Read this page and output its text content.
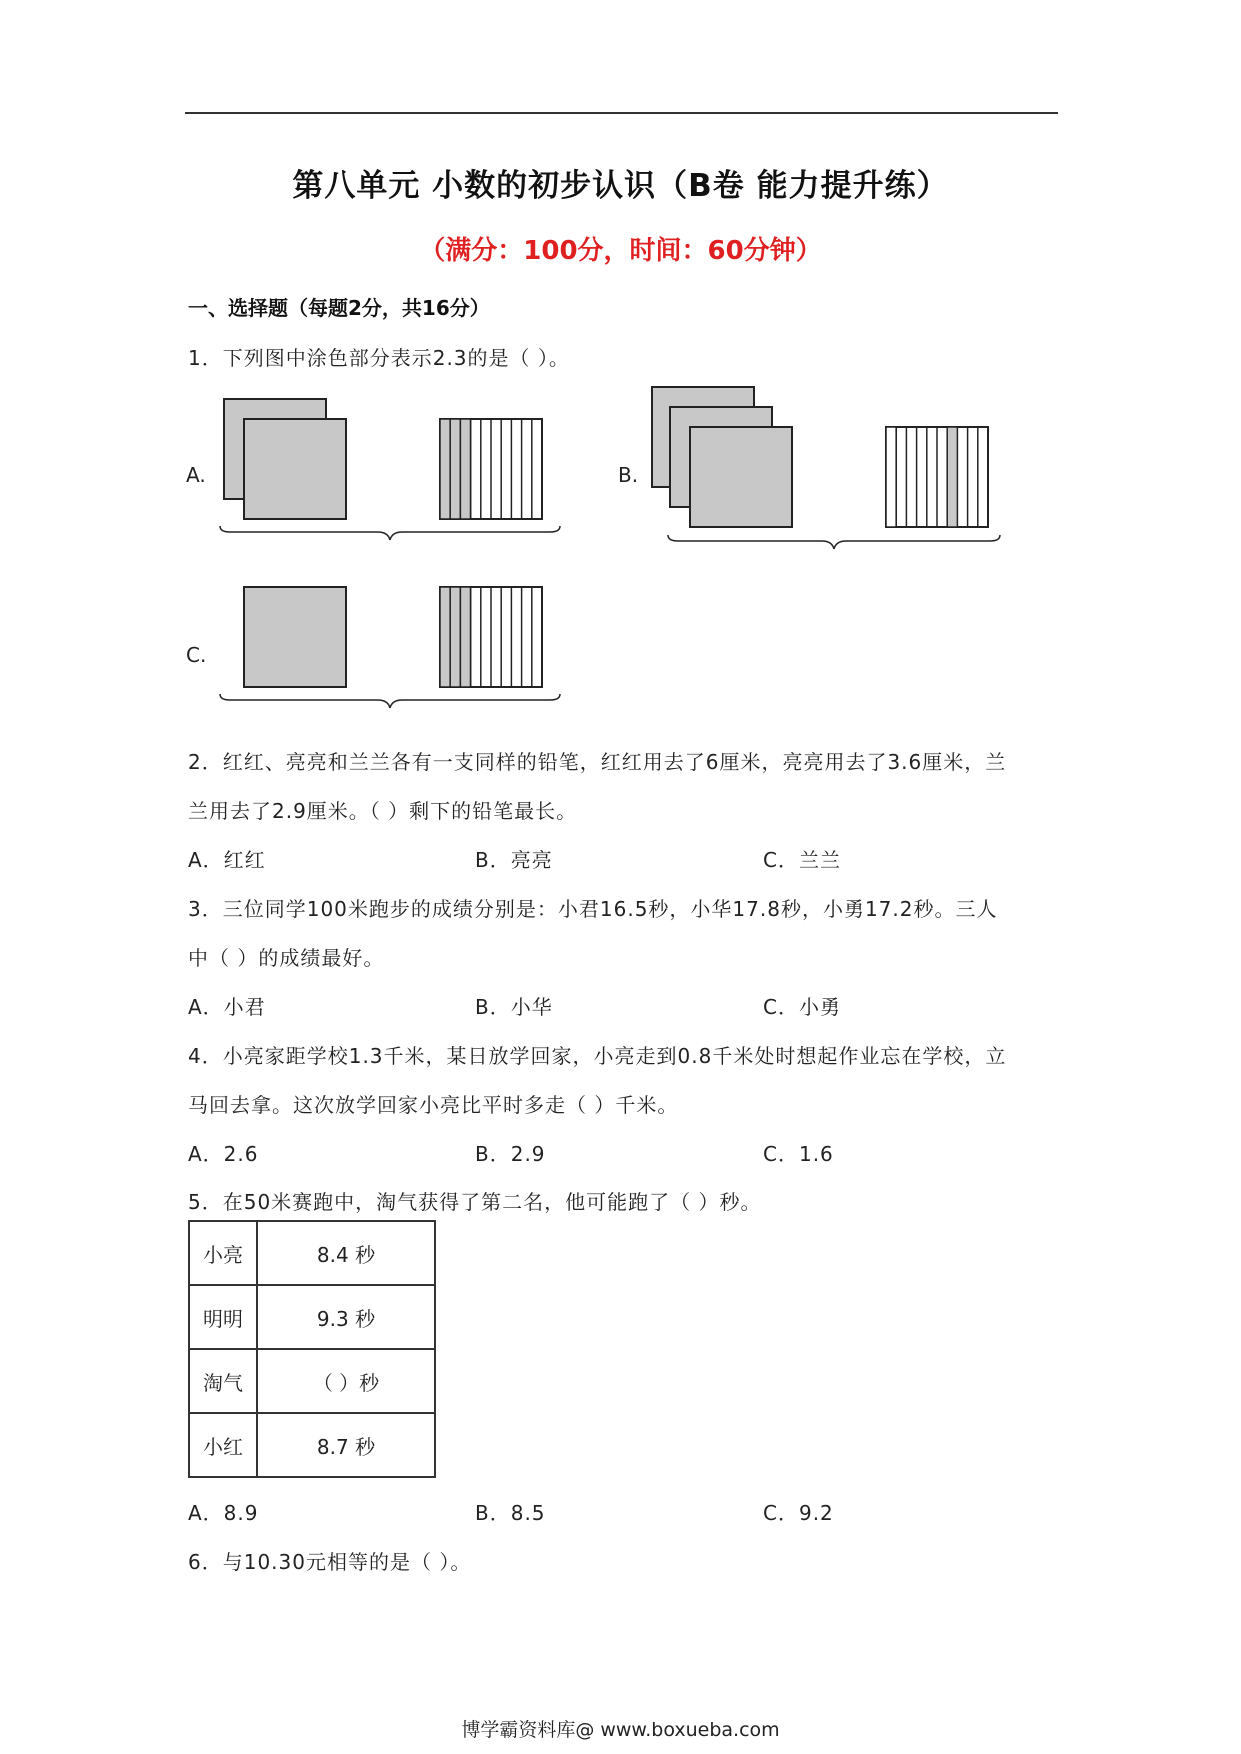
第八单元 小数的初步认识（B卷 能力提升练）
（满分：100分，时间：60分钟）
一、选择题（每题2分，共16分）
1．下列图中涂色部分表示2.3的是（ ）。
A.	B.
C.
2．红红、亮亮和兰兰各有一支同样的铅笔，红红用去了6厘米，亮亮用去了3.6厘米，兰
兰用去了2.9厘米。（ ）剩下的铅笔最长。
A．红红	B．亮亮	C．兰兰
3．三位同学100米跑步的成绩分别是：小君16.5秒，小华17.8秒，小勇17.2秒。三人
中（ ）的成绩最好。
A．小君	B．小华	C．小勇
4．小亮家距学校1.3千米，某日放学回家，小亮走到0.8千米处时想起作业忘在学校，立
马回去拿。这次放学回家小亮比平时多走（ ）千米。
A．2.6	B．2.9	C．1.6
5．在50米赛跑中，淘气获得了第二名，他可能跑了（ ）秒。
小亮	8.4 秒
明明	9.3 秒
淘气	（ ）秒
小红	8.7 秒
A．8.9	B．8.5	C．9.2
6．与10.30元相等的是（ ）。
博学霸资料库@ www.boxueba.com
